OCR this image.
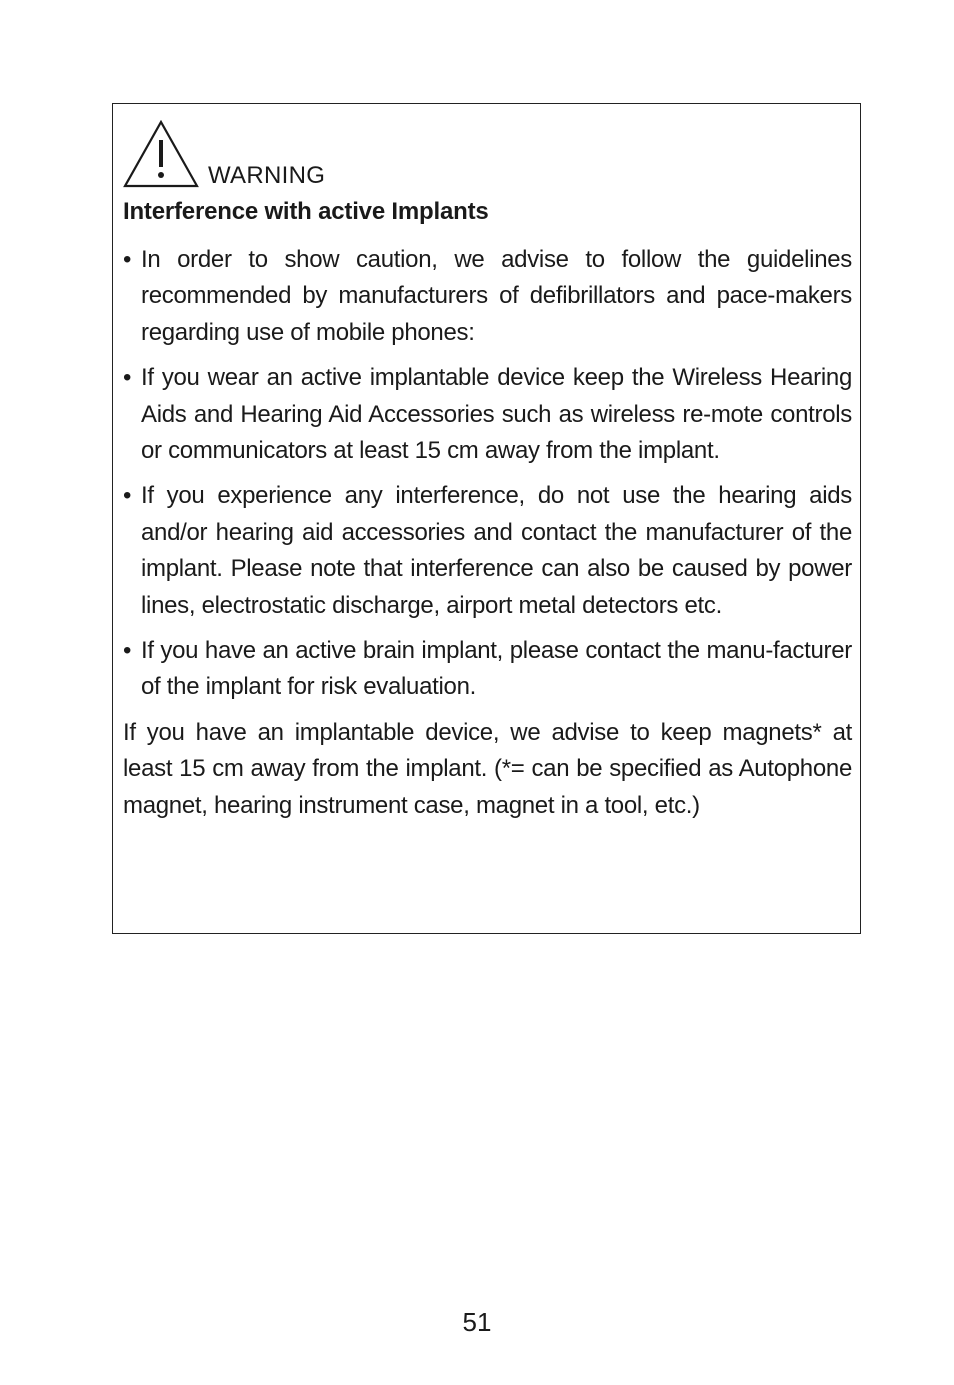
WARNING
Interference with active Implants
• In order to show caution, we advise to follow the guidelines recommended by manufacturers of defibrillators and pace-makers regarding use of mobile phones:
• If you wear an active implantable device keep the Wireless Hearing Aids and Hearing Aid Accessories such as wireless re-mote controls or communicators at least 15 cm away from the implant.
• If you experience any interference, do not use the hearing aids and/or hearing aid accessories and contact the manufacturer of the implant. Please note that interference can also be caused by power lines, electrostatic discharge, airport metal detectors etc.
• If you have an active brain implant, please contact the manu-facturer of the implant for risk evaluation.

If you have an implantable device, we advise to keep magnets* at least 15 cm away from the implant. (*= can be specified as Autophone magnet, hearing instrument case, magnet in a tool, etc.)

51
